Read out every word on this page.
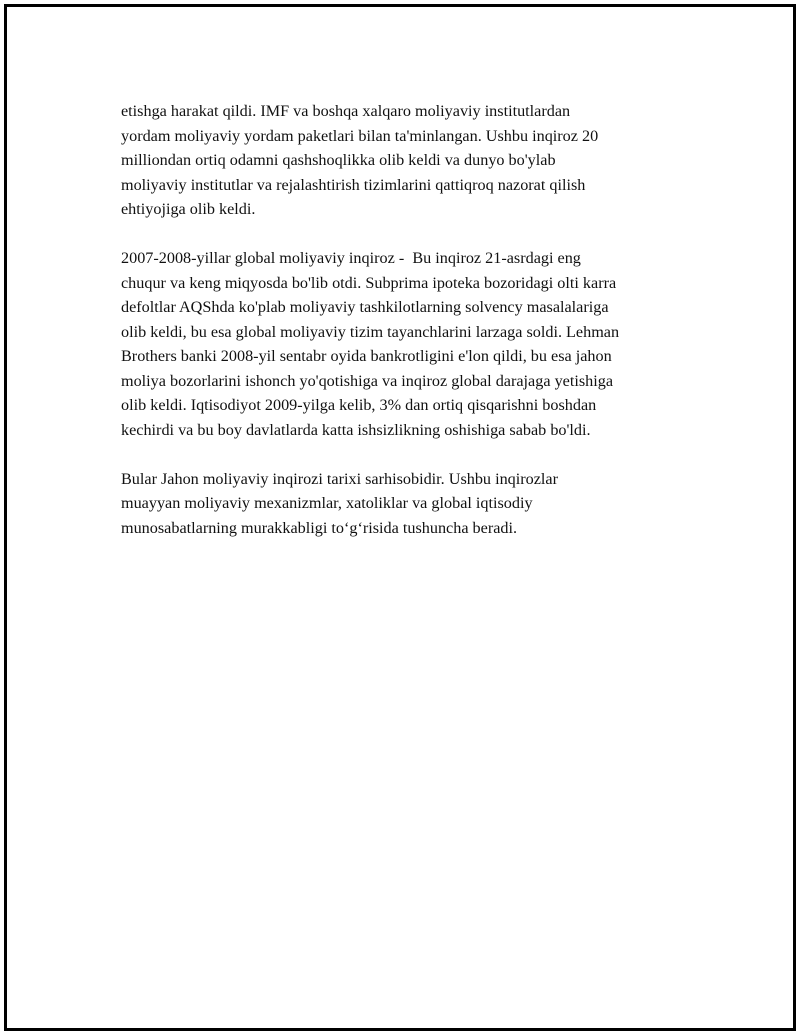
etishga harakat qildi. IMF va boshqa xalqaro moliyaviy institutlardan
yordam moliyaviy yordam paketlari bilan ta'minlangan. Ushbu inqiroz 20
milliondan ortiq odamni qashshoqlikka olib keldi va dunyo bo'ylab
moliyaviy institutlar va rejalashtirish tizimlarini qattiqroq nazorat qilish
ehtiyojiga olib keldi.

2007-2008-yillar global moliyaviy inqiroz -  Bu inqiroz 21-asrdagi eng
chuqur va keng miqyosda bo'lib otdi. Subprima ipoteka bozoridagi olti karra
defoltlar AQShda ko'plab moliyaviy tashkilotlarning solvency masalalariga
olib keldi, bu esa global moliyaviy tizim tayanchlarini larzaga soldi. Lehman
Brothers banki 2008-yil sentabr oyida bankrotligini e'lon qildi, bu esa jahon
moliya bozorlarini ishonch yo'qotishiga va inqiroz global darajaga yetishiga
olib keldi. Iqtisodiyot 2009-yilga kelib, 3% dan ortiq qisqarishni boshdan
kechirdi va bu boy davlatlarda katta ishsizlikning oshishiga sabab bo'ldi.

Bular Jahon moliyaviy inqirozi tarixi sarhisobidir. Ushbu inqirozlar
muayyan moliyaviy mexanizmlar, xatoliklar va global iqtisodiy
munosabatlarning murakkabligi to‘g‘risida tushuncha beradi.
